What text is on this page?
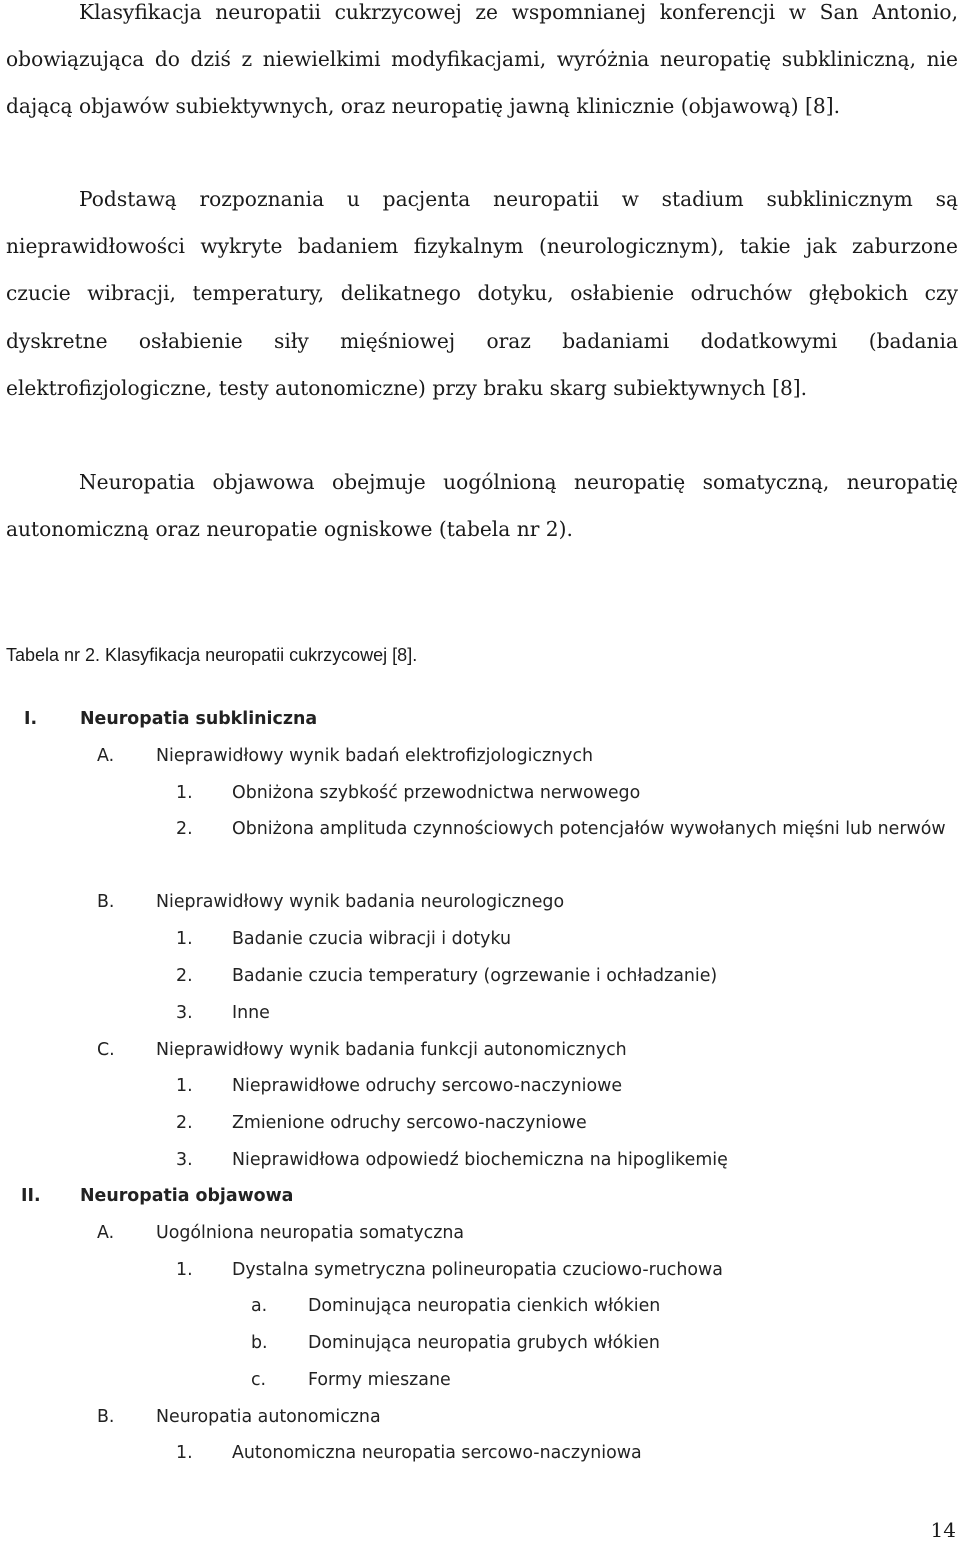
Klasyfikacja neuropatii cukrzycowej ze wspomnianej konferencji w San Antonio, obowiązująca do dziś z niewielkimi modyfikacjami, wyróżnia neuropatię subkliniczną, nie dającą objawów subiektywnych, oraz neuropatię jawną klinicznie (objawową) [8].

Podstawą rozpoznania u pacjenta neuropatii w stadium subklinicznym są nieprawidłowości wykryte badaniem fizykalnym (neurologicznym), takie jak zaburzone czucie wibracji, temperatury, delikatnego dotyku, osłabienie odruchów głębokich czy dyskretne osłabienie siły mięśniowej oraz badaniami dodatkowymi (badania elektrofizjologiczne, testy autonomiczne) przy braku skarg subiektywnych [8].

Neuropatia objawowa obejmuje uogólnioną neuropatię somatyczną, neuropatię autonomiczną oraz neuropatie ogniskowe (tabela nr 2).

Tabela nr 2. Klasyfikacja neuropatii cukrzycowej [8].

I. Neuropatia subkliniczna
A. Nieprawidłowy wynik badań elektrofizjologicznych
1. Obniżona szybkość przewodnictwa nerwowego
2. Obniżona amplituda czynnościowych potencjałów wywołanych mięśni lub nerwów
B. Nieprawidłowy wynik badania neurologicznego
1. Badanie czucia wibracji i dotyku
2. Badanie czucia temperatury (ogrzewanie i ochładzanie)
3. Inne
C. Nieprawidłowy wynik badania funkcji autonomicznych
1. Nieprawidłowe odruchy sercowo-naczyniowe
2. Zmienione odruchy sercowo-naczyniowe
3. Nieprawidłowa odpowiedź biochemiczna na hipoglikemię
II. Neuropatia objawowa
A. Uogólniona neuropatia somatyczna
1. Dystalna symetryczna polineuropatia czuciowo-ruchowa
a. Dominująca neuropatia cienkich włókien
b. Dominująca neuropatia grubych włókien
c. Formy mieszane
B. Neuropatia autonomiczna
1. Autonomiczna neuropatia sercowo-naczyniowa
14
